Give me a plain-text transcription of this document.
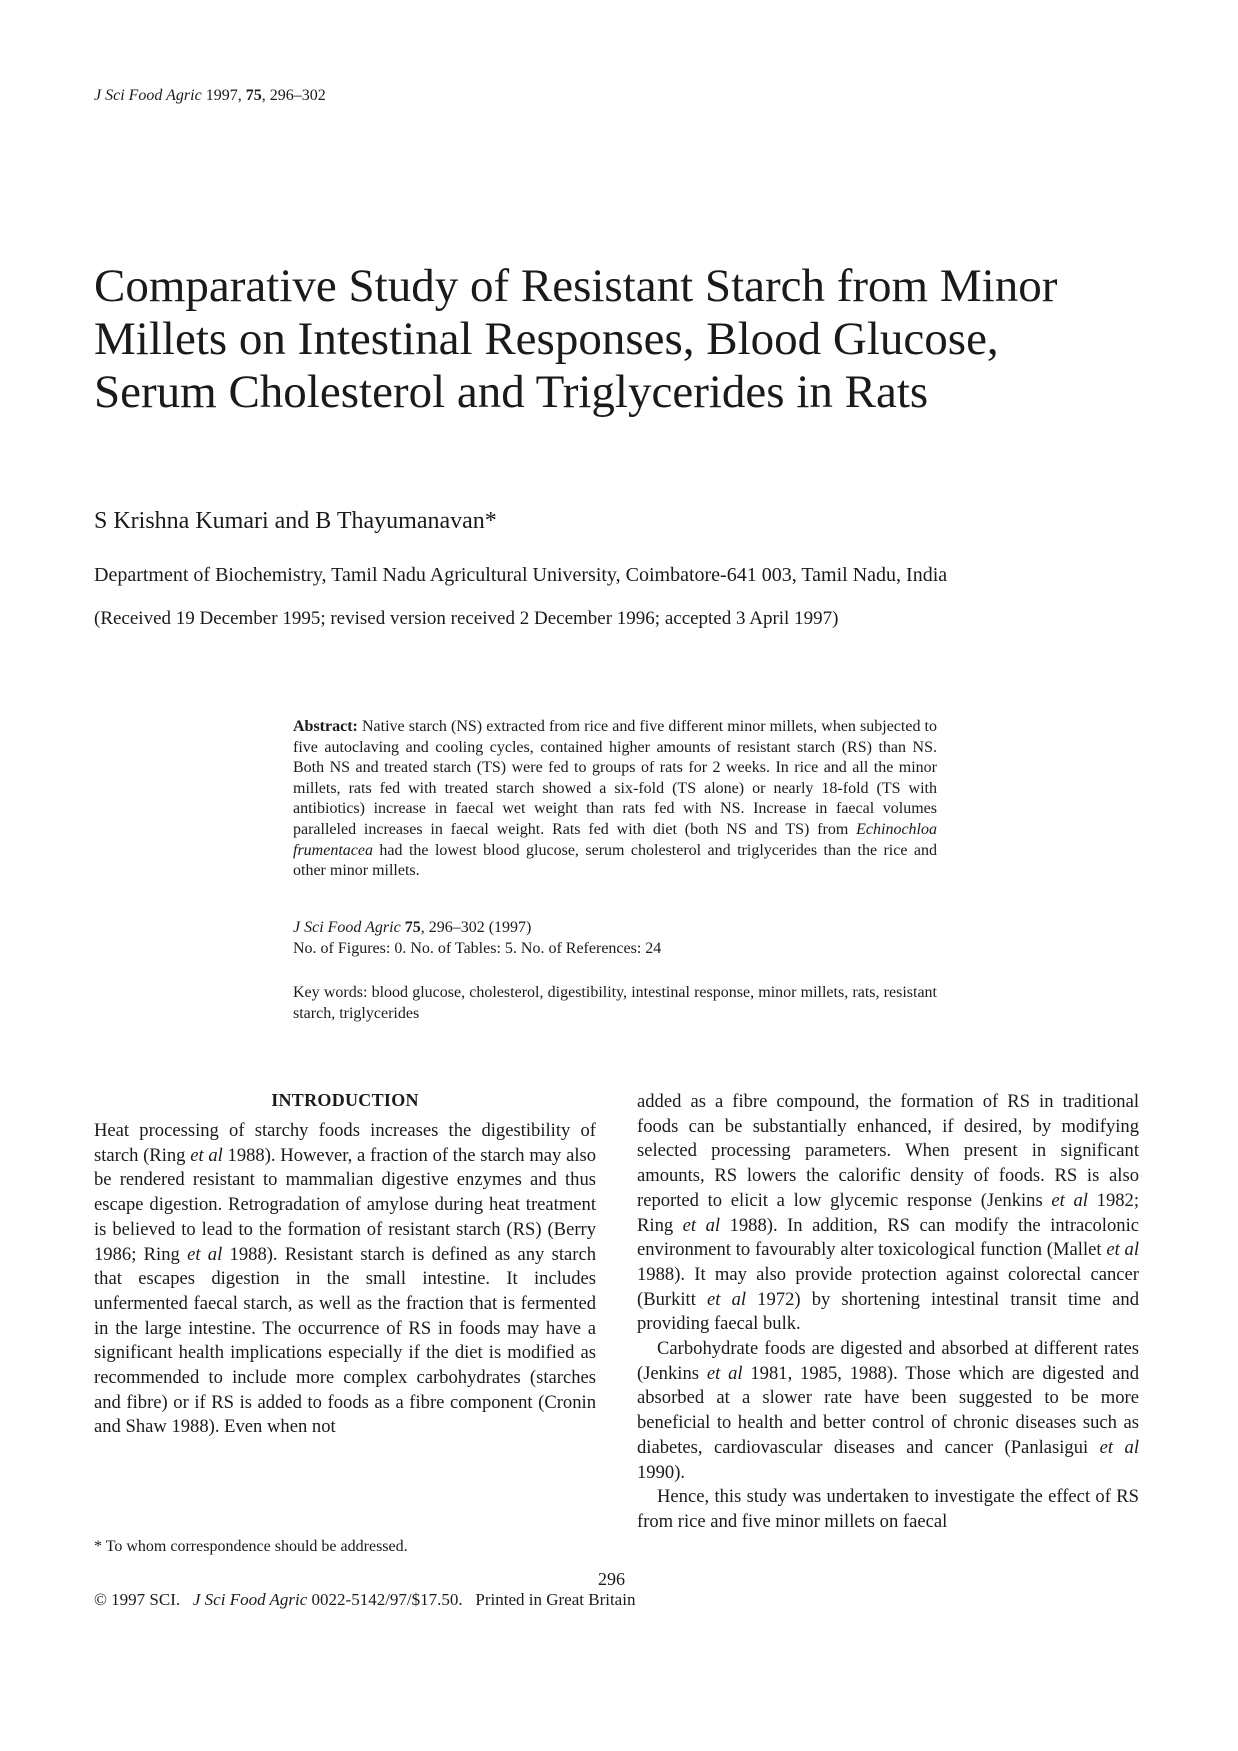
J Sci Food Agric 1997, 75, 296–302
Comparative Study of Resistant Starch from Minor Millets on Intestinal Responses, Blood Glucose, Serum Cholesterol and Triglycerides in Rats
S Krishna Kumari and B Thayumanavan*
Department of Biochemistry, Tamil Nadu Agricultural University, Coimbatore-641 003, Tamil Nadu, India
(Received 19 December 1995; revised version received 2 December 1996; accepted 3 April 1997)
Abstract: Native starch (NS) extracted from rice and five different minor millets, when subjected to five autoclaving and cooling cycles, contained higher amounts of resistant starch (RS) than NS. Both NS and treated starch (TS) were fed to groups of rats for 2 weeks. In rice and all the minor millets, rats fed with treated starch showed a six-fold (TS alone) or nearly 18-fold (TS with antibiotics) increase in faecal wet weight than rats fed with NS. Increase in faecal volumes paralleled increases in faecal weight. Rats fed with diet (both NS and TS) from Echinochloa frumentacea had the lowest blood glucose, serum cholesterol and triglycerides than the rice and other minor millets.
J Sci Food Agric 75, 296–302 (1997)
No. of Figures: 0. No. of Tables: 5. No. of References: 24
Key words: blood glucose, cholesterol, digestibility, intestinal response, minor millets, rats, resistant starch, triglycerides
INTRODUCTION

Heat processing of starchy foods increases the digestibility of starch (Ring et al 1988). However, a fraction of the starch may also be rendered resistant to mammalian digestive enzymes and thus escape digestion. Retrogradation of amylose during heat treatment is believed to lead to the formation of resistant starch (RS) (Berry 1986; Ring et al 1988). Resistant starch is defined as any starch that escapes digestion in the small intestine. It includes unfermented faecal starch, as well as the fraction that is fermented in the large intestine. The occurrence of RS in foods may have a significant health implications especially if the diet is modified as recommended to include more complex carbohydrates (starches and fibre) or if RS is added to foods as a fibre component (Cronin and Shaw 1988). Even when not

added as a fibre compound, the formation of RS in traditional foods can be substantially enhanced, if desired, by modifying selected processing parameters. When present in significant amounts, RS lowers the calorific density of foods. RS is also reported to elicit a low glycemic response (Jenkins et al 1982; Ring et al 1988). In addition, RS can modify the intracolonic environment to favourably alter toxicological function (Mallet et al 1988). It may also provide protection against colorectal cancer (Burkitt et al 1972) by shortening intestinal transit time and providing faecal bulk.

Carbohydrate foods are digested and absorbed at different rates (Jenkins et al 1981, 1985, 1988). Those which are digested and absorbed at a slower rate have been suggested to be more beneficial to health and better control of chronic diseases such as diabetes, cardiovascular diseases and cancer (Panlasigui et al 1990).

Hence, this study was undertaken to investigate the effect of RS from rice and five minor millets on faecal

* To whom correspondence should be addressed.
296
© 1997 SCI. J Sci Food Agric 0022-5142/97/$17.50. Printed in Great Britain
